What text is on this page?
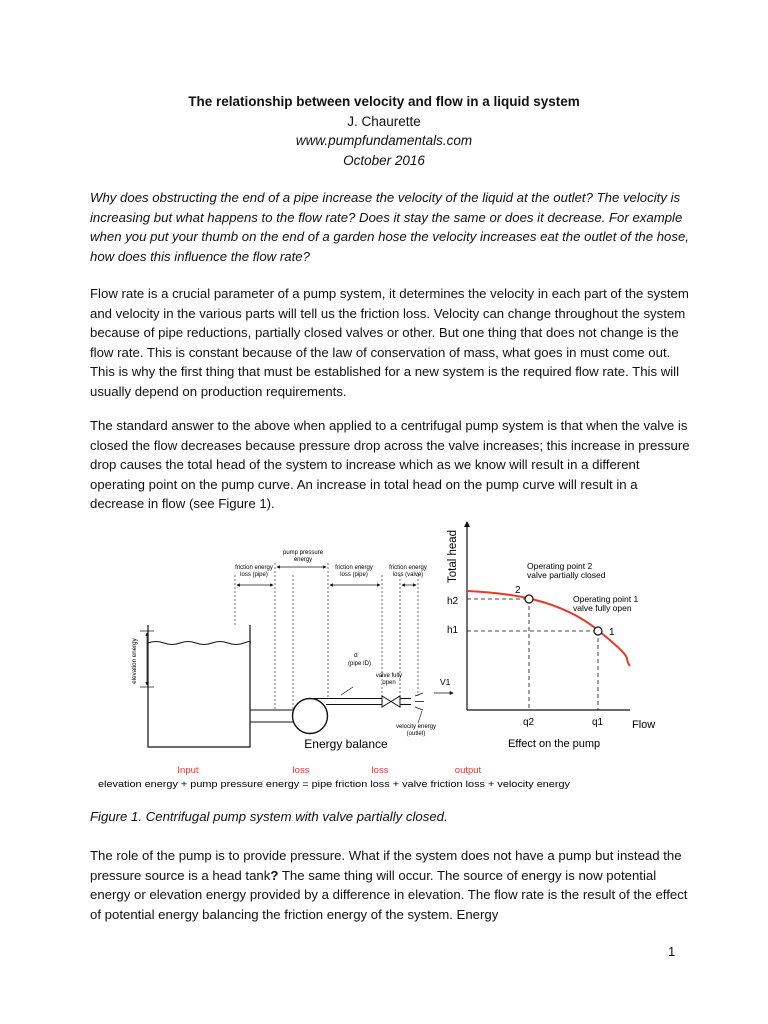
The relationship between velocity and flow in a liquid system
J. Chaurette
www.pumpfundamentals.com
October 2016

Why does obstructing the end of a pipe increase the velocity of the liquid at the outlet? The velocity is increasing but what happens to the flow rate? Does it stay the same or does it decrease. For example when you put your thumb on the end of a garden hose the velocity increases eat the outlet of the hose, how does this influence the flow rate?

Flow rate is a crucial parameter of a pump system, it determines the velocity in each part of the system and velocity in the various parts will tell us the friction loss. Velocity can change throughout the system because of pipe reductions, partially closed valves or other. But one thing that does not change is the flow rate. This is constant because of the law of conservation of mass, what goes in must come out. This is why the first thing that must be established for a new system is the required flow rate. This will usually depend on production requirements.

The standard answer to the above when applied to a centrifugal pump system is that when the valve is closed the flow decreases because pressure drop across the valve increases; this increase in pressure drop causes the total head of the system to increase which as we know will result in a different operating point on the pump curve. An increase in total head on the pump curve will result in a decrease in flow (see Figure 1).

elevation energy	d
(pipe ID)
valve fully
open
velocity energy
(outlet)
V1
pump pressure
energy
friction energy
loss (pipe)
friction energy
loss (pipe)
friction energy
loss (valve)
Energy balance
Total head
Flow
Effect on the pump
h2
h1
q2	q1
2
1
Operating point 2
valve partially closed
Operating point 1
valve fully open
Input	loss	loss	output
elevation energy + pump pressure energy = pipe friction loss + valve friction loss + velocity energy

Figure 1. Centrifugal pump system with valve partially closed.

The role of the pump is to provide pressure. What if the system does not have a pump but instead the pressure source is a head tank? The same thing will occur. The source of energy is now potential energy or elevation energy provided by a difference in elevation. The flow rate is the result of the effect of potential energy balancing the friction energy of the system. Energy

1
